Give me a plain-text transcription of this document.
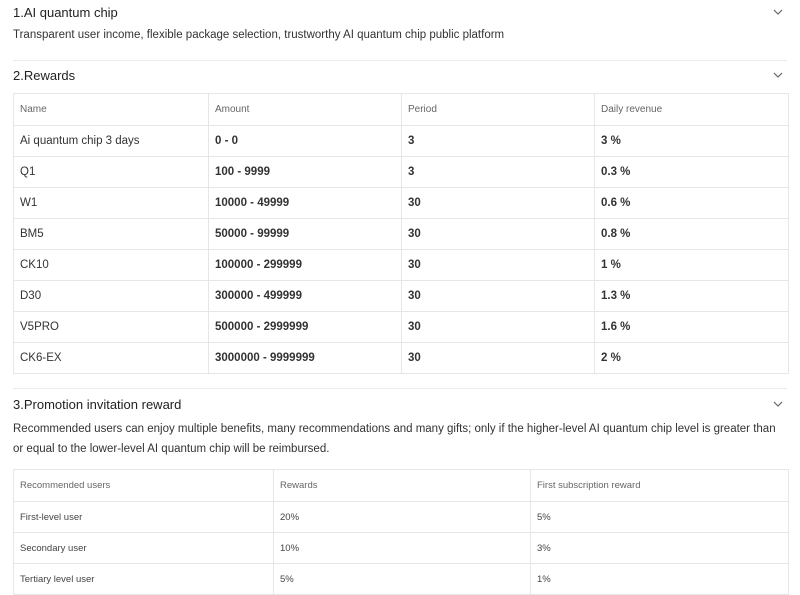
1.AI quantum chip
Transparent user income, flexible package selection, trustworthy AI quantum chip public platform
2.Rewards
Name	Amount	Period	Daily revenue
Ai quantum chip 3 days	0 - 0	3	3 %
Q1	100 - 9999	3	0.3 %
W1	10000 - 49999	30	0.6 %
BM5	50000 - 99999	30	0.8 %
CK10	100000 - 299999	30	1 %
D30	300000 - 499999	30	1.3 %
V5PRO	500000 - 2999999	30	1.6 %
CK6-EX	3000000 - 9999999	30	2 %
3.Promotion invitation reward
Recommended users can enjoy multiple benefits, many recommendations and many gifts; only if the higher-level AI quantum chip level is greater than or equal to the lower-level AI quantum chip will be reimbursed.
Recommended users	Rewards	First subscription reward
First-level user	20%	5%
Secondary user	10%	3%
Tertiary level user	5%	1%
